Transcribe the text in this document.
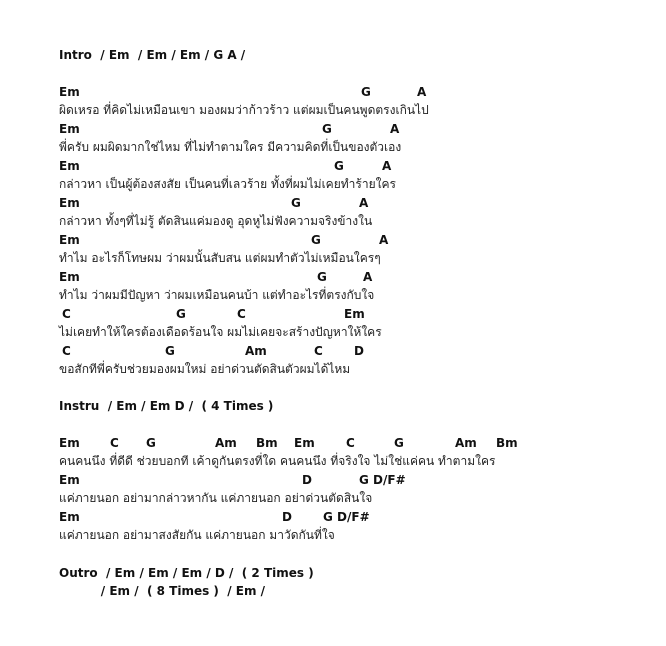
Intro  / Em  / Em / Em / G A /
Em	G	A
ผิดเหรอ ที่คิดไม่เหมือนเขา มองผมว่าก้าวร้าว แต่ผมเป็นคนพูดตรงเกินไป
Em	G	A
พี่ครับ ผมผิดมากใช่ไหม ที่ไม่ทำตามใคร มีความคิดที่เป็นของตัวเอง
Em	G	A
กล่าวหา เป็นผู้ต้องสงสัย เป็นคนที่เลวร้าย ทั้งที่ผมไม่เคยทำร้ายใคร
Em	G	A
กล่าวหา ทั้งๆที่ไม่รู้ ตัดสินแค่มองดู อุดหูไม่ฟังความจริงข้างใน
Em	G	A
ทำไม อะไรก็โทษผม ว่าผมนั้นสับสน แต่ผมทำตัวไม่เหมือนใครๆ
Em	G	A
ทำไม ว่าผมมีปัญหา ว่าผมเหมือนคนบ้า แต่ทำอะไรที่ตรงกับใจ
C	G	C	Em
ไม่เคยทำให้ใครต้องเดือดร้อนใจ ผมไม่เคยจะสร้างปัญหาให้ใคร
C	G	Am	C	D
ขอสักทีพี่ครับช่วยมองผมใหม่ อย่าด่วนตัดสินตัวผมได้ไหม
Instru  / Em / Em D /  ( 4 Times )
Em	C G	Am Bm Em	C	G	Am Bm
คนคนนึง ที่ดีดี ช่วยบอกที เค้าดูกันตรงที่ใด คนคนนึง ที่จริงใจ ไม่ใช่แค่คน ทำตามใคร
Em	D	G D/F#
แค่ภายนอก อย่ามากล่าวหากัน แค่ภายนอก อย่าด่วนตัดสินใจ
Em	D	G D/F#
แค่ภายนอก อย่ามาสงสัยกัน แค่ภายนอก มาวัดกันที่ใจ
Outro  / Em / Em / Em / D /  ( 2 Times )
/ Em /  ( 8 Times )  / Em /
